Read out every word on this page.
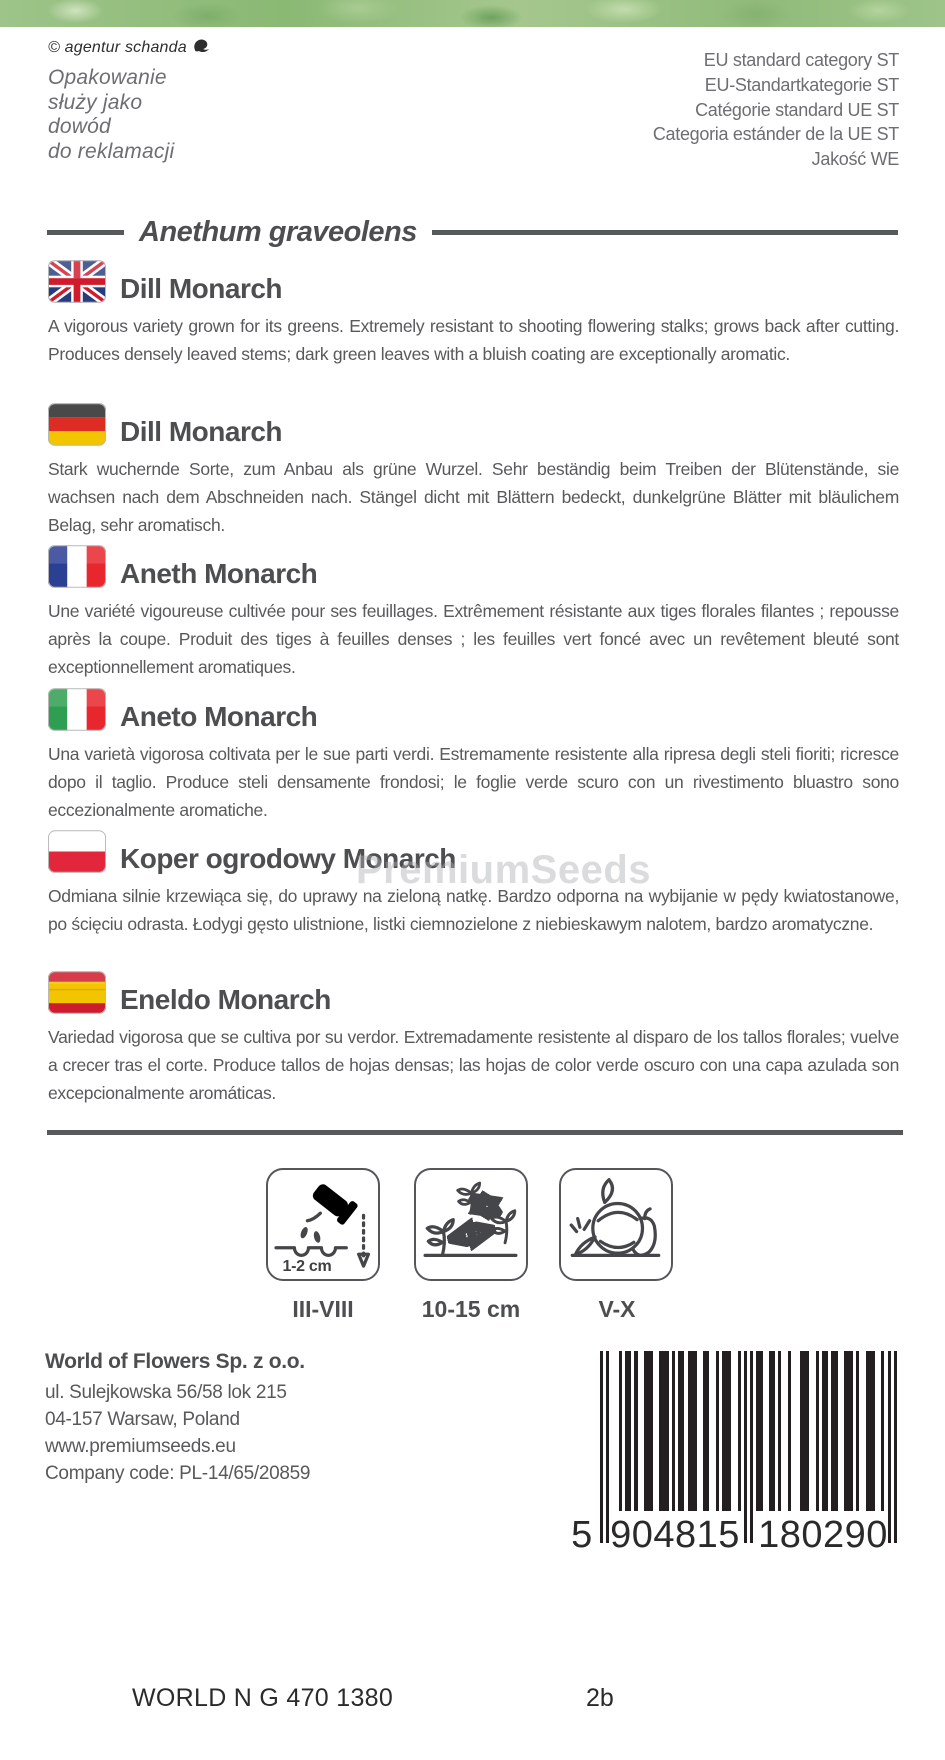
© agentur schanda
Opakowanie
służy jako
dowód
do reklamacji
EU standard category ST
EU-Standartkategorie ST
Catégorie standard UE ST
Categoria estánder de la UE ST
Jakość WE
Anethum graveolens
Dill Monarch

A vigorous variety grown for its greens. Extremely resistant to shooting flowering stalks; grows back after cutting. Produces densely leaved stems; dark green leaves with a bluish coating are exceptionally aromatic.

Dill Monarch

Stark wuchernde Sorte, zum Anbau als grüne Wurzel. Sehr beständig beim Treiben der Blütenstände, sie wachsen nach dem Abschneiden nach. Stängel dicht mit Blättern bedeckt, dunkelgrüne Blätter mit bläulichem Belag, sehr aromatisch.

Aneth Monarch

Une variété vigoureuse cultivée pour ses feuillages. Extrêmement résistante aux tiges florales filantes ; repousse après la coupe. Produit des tiges à feuilles denses ; les feuilles vert foncé avec un revêtement bleuté sont exceptionnellement aromatiques.

Aneto Monarch

Una varietà vigorosa coltivata per le sue parti verdi. Estremamente resistente alla ripresa degli steli fioriti; ricresce dopo il taglio. Produce steli densamente frondosi; le foglie verde scuro con un rivestimento bluastro sono eccezionalmente aromatiche.

Koper ogrodowy Monarch

Odmiana silnie krzewiąca się, do uprawy na zieloną natkę. Bardzo odporna na wybijanie w pędy kwiatostanowe, po ścięciu odrasta. Łodygi gęsto ulistnione, listki ciemnozielone z niebieskawym nalotem, bardzo aromatyczne.

Eneldo Monarch

Variedad vigorosa que se cultiva por su verdor. Extremadamente resistente al disparo de los tallos florales; vuelve a crecer tras el corte. Produce tallos de hojas densas; las hojas de color verde oscuro con una capa azulada son excepcionalmente aromáticas.

PremiumSeeds
1-2 cm
III-VIII	10-15 cm	V-X
World of Flowers Sp. z o.o.
ul. Sulejkowska 56/58 lok 215
04-157 Warsaw, Poland
www.premiumseeds.eu
Company code: PL-14/65/20859
5 904815 180290
WORLD N G 470 1380	2b
